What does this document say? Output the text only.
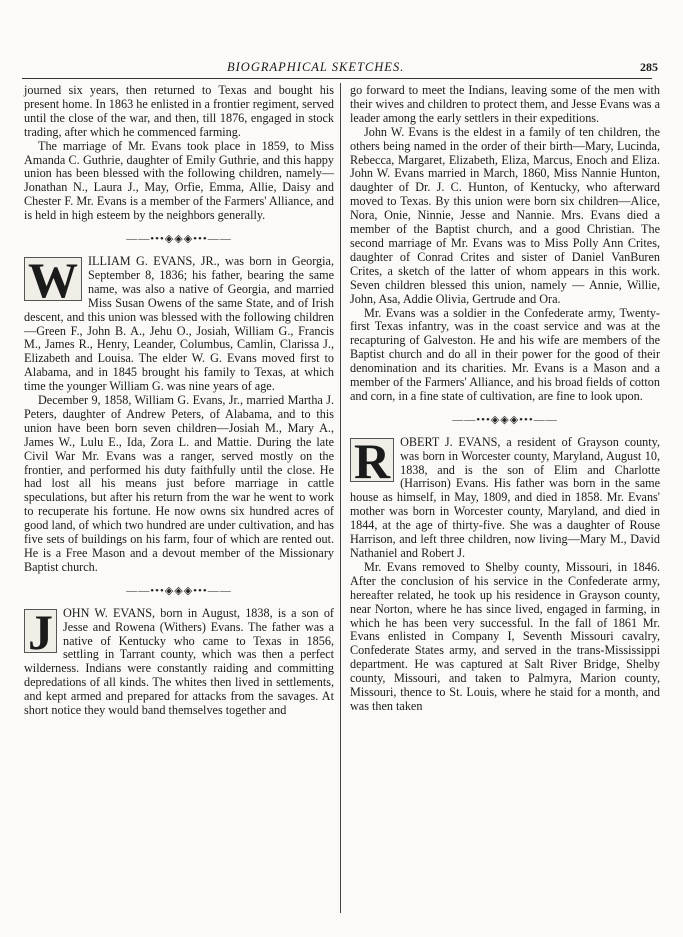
BIOGRAPHICAL SKETCHES.	285

journed six years, then returned to Texas and bought his present home. In 1863 he enlisted in a frontier regiment, served until the close of the war, and then, till 1876, engaged in stock trading, after which he commenced farming.

The marriage of Mr. Evans took place in 1859, to Miss Amanda C. Guthrie, daughter of Emily Guthrie, and this happy union has been blessed with the following children, namely— Jonathan N., Laura J., May, Orfie, Emma, Allie, Daisy and Chester F. Mr. Evans is a member of the Farmers' Alliance, and is held in high esteem by the neighbors generally.

——•••◈◈◈•••——
W ILLIAM G. EVANS, JR., was born in Georgia, September 8, 1836; his father, bearing the same name, was also a native of Georgia, and married Miss Susan Owens of the same State, and of Irish descent, and this union was blessed with the following children—Green F., John B. A., Jehu O., Josiah, William G., Francis M., James R., Henry, Leander, Columbus, Camlin, Clarissa J., Elizabeth and Louisa. The elder W. G. Evans moved first to Alabama, and in 1845 brought his family to Texas, at which time the younger William G. was nine years of age.

December 9, 1858, William G. Evans, Jr., married Martha J. Peters, daughter of Andrew Peters, of Alabama, and to this union have been born seven children—Josiah M., Mary A., James W., Lulu E., Ida, Zora L. and Mattie. During the late Civil War Mr. Evans was a ranger, served mostly on the frontier, and performed his duty faithfully until the close. He had lost all his means just before marriage in cattle speculations, but after his return from the war he went to work to recuperate his fortune. He now owns six hundred acres of good land, of which two hundred are under cultivation, and has five sets of buildings on his farm, four of which are rented out. He is a Free Mason and a devout member of the Missionary Baptist church.

——•••◈◈◈•••——
J OHN W. EVANS, born in August, 1838, is a son of Jesse and Rowena (Withers) Evans. The father was a native of Kentucky who came to Texas in 1856, settling in Tarrant county, which was then a perfect wilderness. Indians were constantly raiding and committing depredations of all kinds. The whites then lived in settlements, and kept armed and prepared for attacks from the savages. At short notice they would band themselves together and

go forward to meet the Indians, leaving some of the men with their wives and children to protect them, and Jesse Evans was a leader among the early settlers in their expeditions.

John W. Evans is the eldest in a family of ten children, the others being named in the order of their birth—Mary, Lucinda, Rebecca, Margaret, Elizabeth, Eliza, Marcus, Enoch and Eliza. John W. Evans married in March, 1860, Miss Nannie Hunton, daughter of Dr. J. C. Hunton, of Kentucky, who afterward moved to Texas. By this union were born six children—Alice, Nora, Onie, Ninnie, Jesse and Nannie. Mrs. Evans died a member of the Baptist church, and a good Christian. The second marriage of Mr. Evans was to Miss Polly Ann Crites, daughter of Conrad Crites and sister of Daniel VanBuren Crites, a sketch of the latter of whom appears in this work. Seven children blessed this union, namely — Annie, Willie, John, Asa, Addie Olivia, Gertrude and Ora.

Mr. Evans was a soldier in the Confederate army, Twenty-first Texas infantry, was in the coast service and was at the recapturing of Galveston. He and his wife are members of the Baptist church and do all in their power for the good of their denomination and its charities. Mr. Evans is a Mason and a member of the Farmers' Alliance, and his broad fields of cotton and corn, in a fine state of cultivation, are fine to look upon.

——•••◈◈◈•••——
R OBERT J. EVANS, a resident of Grayson county, was born in Worcester county, Maryland, August 10, 1838, and is the son of Elim and Charlotte (Harrison) Evans. His father was born in the same house as himself, in May, 1809, and died in 1858. Mr. Evans' mother was born in Worcester county, Maryland, and died in 1844, at the age of thirty-five. She was a daughter of Rouse Harrison, and left three children, now living—Mary M., David Nathaniel and Robert J.

Mr. Evans removed to Shelby county, Missouri, in 1846. After the conclusion of his service in the Confederate army, hereafter related, he took up his residence in Grayson county, near Norton, where he has since lived, engaged in farming, in which he has been very successful. In the fall of 1861 Mr. Evans enlisted in Company I, Seventh Missouri cavalry, Confederate States army, and served in the trans-Mississippi department. He was captured at Salt River Bridge, Shelby county, Missouri, and taken to Palmyra, Marion county, Missouri, thence to St. Louis, where he staid for a month, and was then taken
